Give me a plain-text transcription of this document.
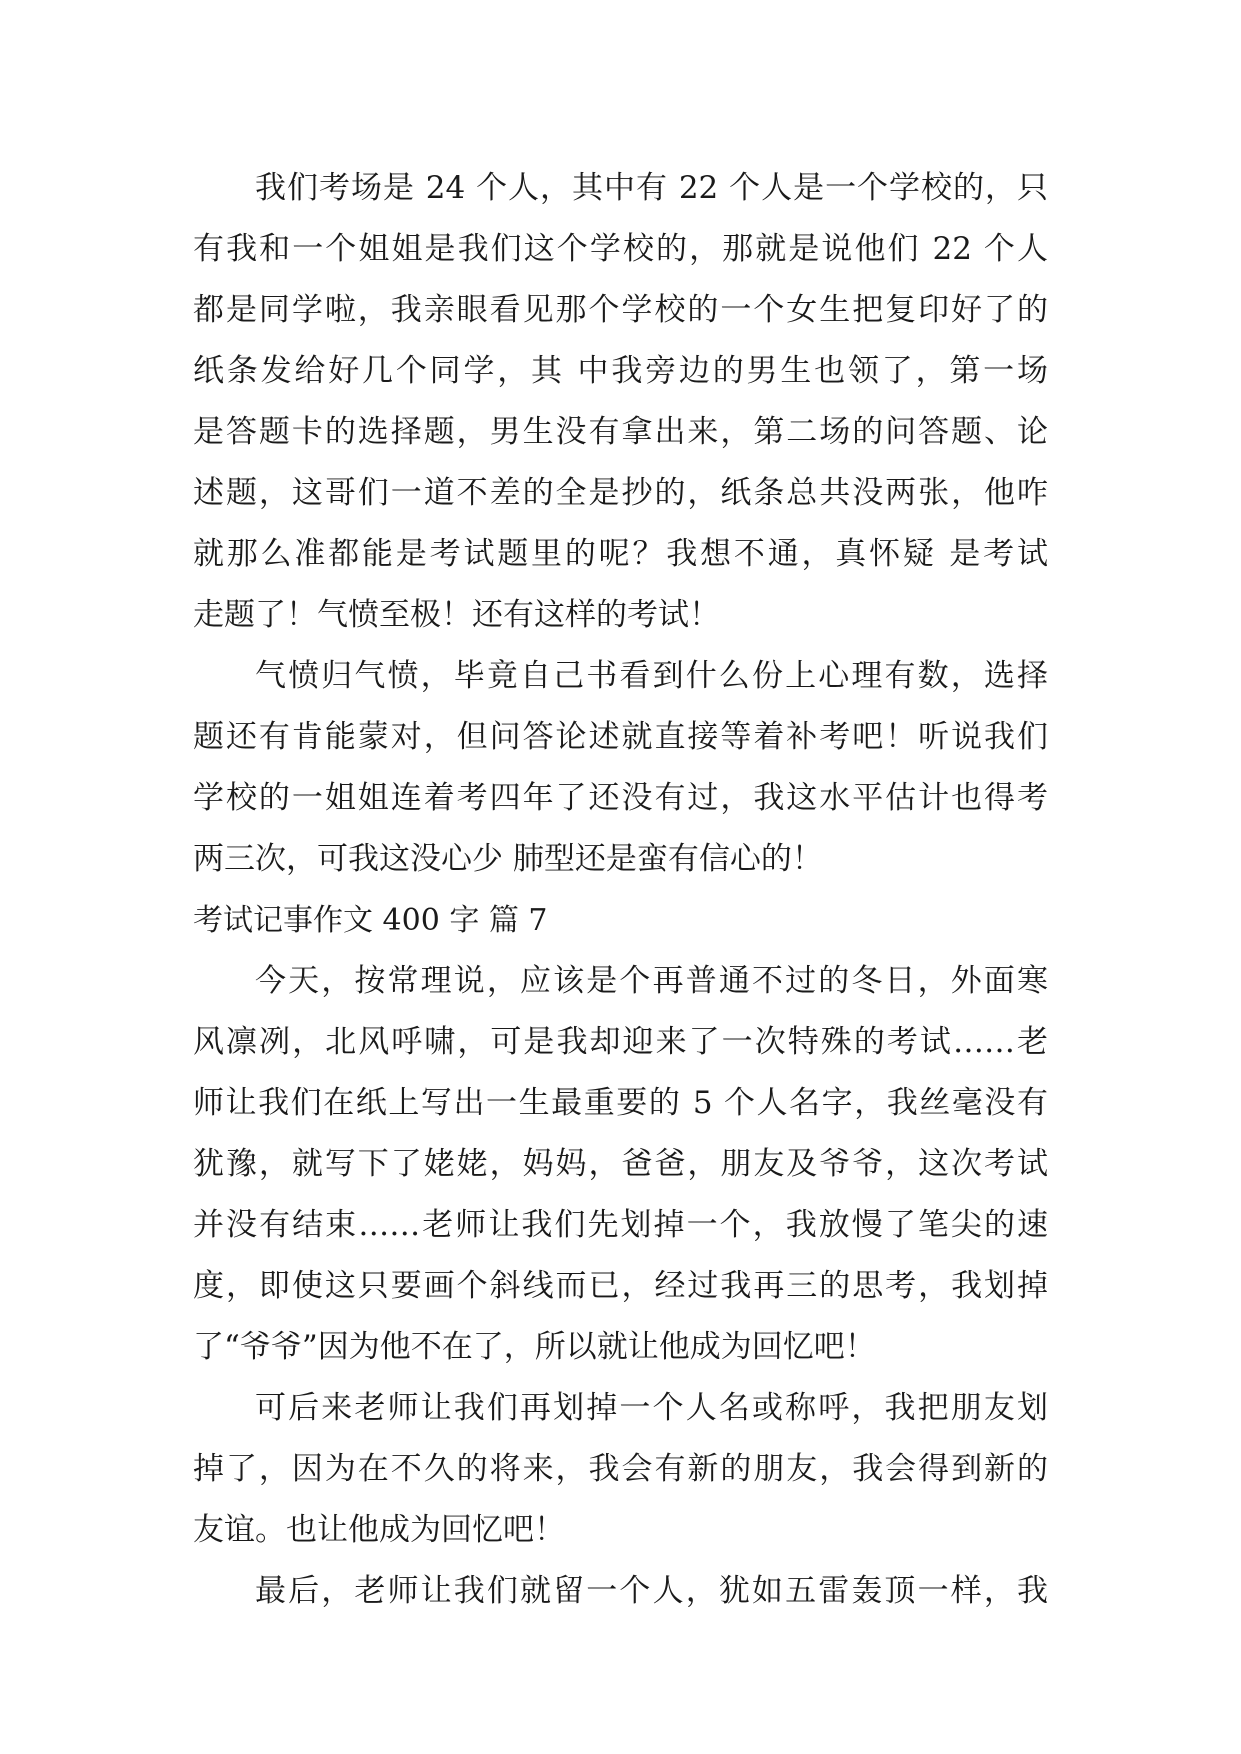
我们考场是 24 个人，其中有 22 个人是一个学校的，只
有我和一个姐姐是我们这个学校的，那就是说他们 22 个人
都是同学啦，我亲眼看见那个学校的一个女生把复印好了的
纸条发给好几个同学，其 中我旁边的男生也领了，第一场
是答题卡的选择题，男生没有拿出来，第二场的问答题、论
述题，这哥们一道不差的全是抄的，纸条总共没两张，他咋
就那么准都能是考试题里的呢？我想不通，真怀疑 是考试
走题了！气愤至极！还有这样的考试！
气愤归气愤，毕竟自己书看到什么份上心理有数，选择
题还有肯能蒙对，但问答论述就直接等着补考吧！听说我们
学校的一姐姐连着考四年了还没有过，我这水平估计也得考
两三次，可我这没心少 肺型还是蛮有信心的！
考试记事作文 400 字 篇 7
今天，按常理说，应该是个再普通不过的冬日，外面寒
风凛冽，北风呼啸，可是我却迎来了一次特殊的考试……老
师让我们在纸上写出一生最重要的 5 个人名字，我丝毫没有
犹豫，就写下了姥姥，妈妈，爸爸，朋友及爷爷，这次考试
并没有结束……老师让我们先划掉一个，我放慢了笔尖的速
度，即使这只要画个斜线而已，经过我再三的思考，我划掉
了“爷爷”因为他不在了，所以就让他成为回忆吧！
可后来老师让我们再划掉一个人名或称呼，我把朋友划
掉了，因为在不久的将来，我会有新的朋友，我会得到新的
友谊。也让他成为回忆吧！
最后，老师让我们就留一个人，犹如五雷轰顶一样，我
